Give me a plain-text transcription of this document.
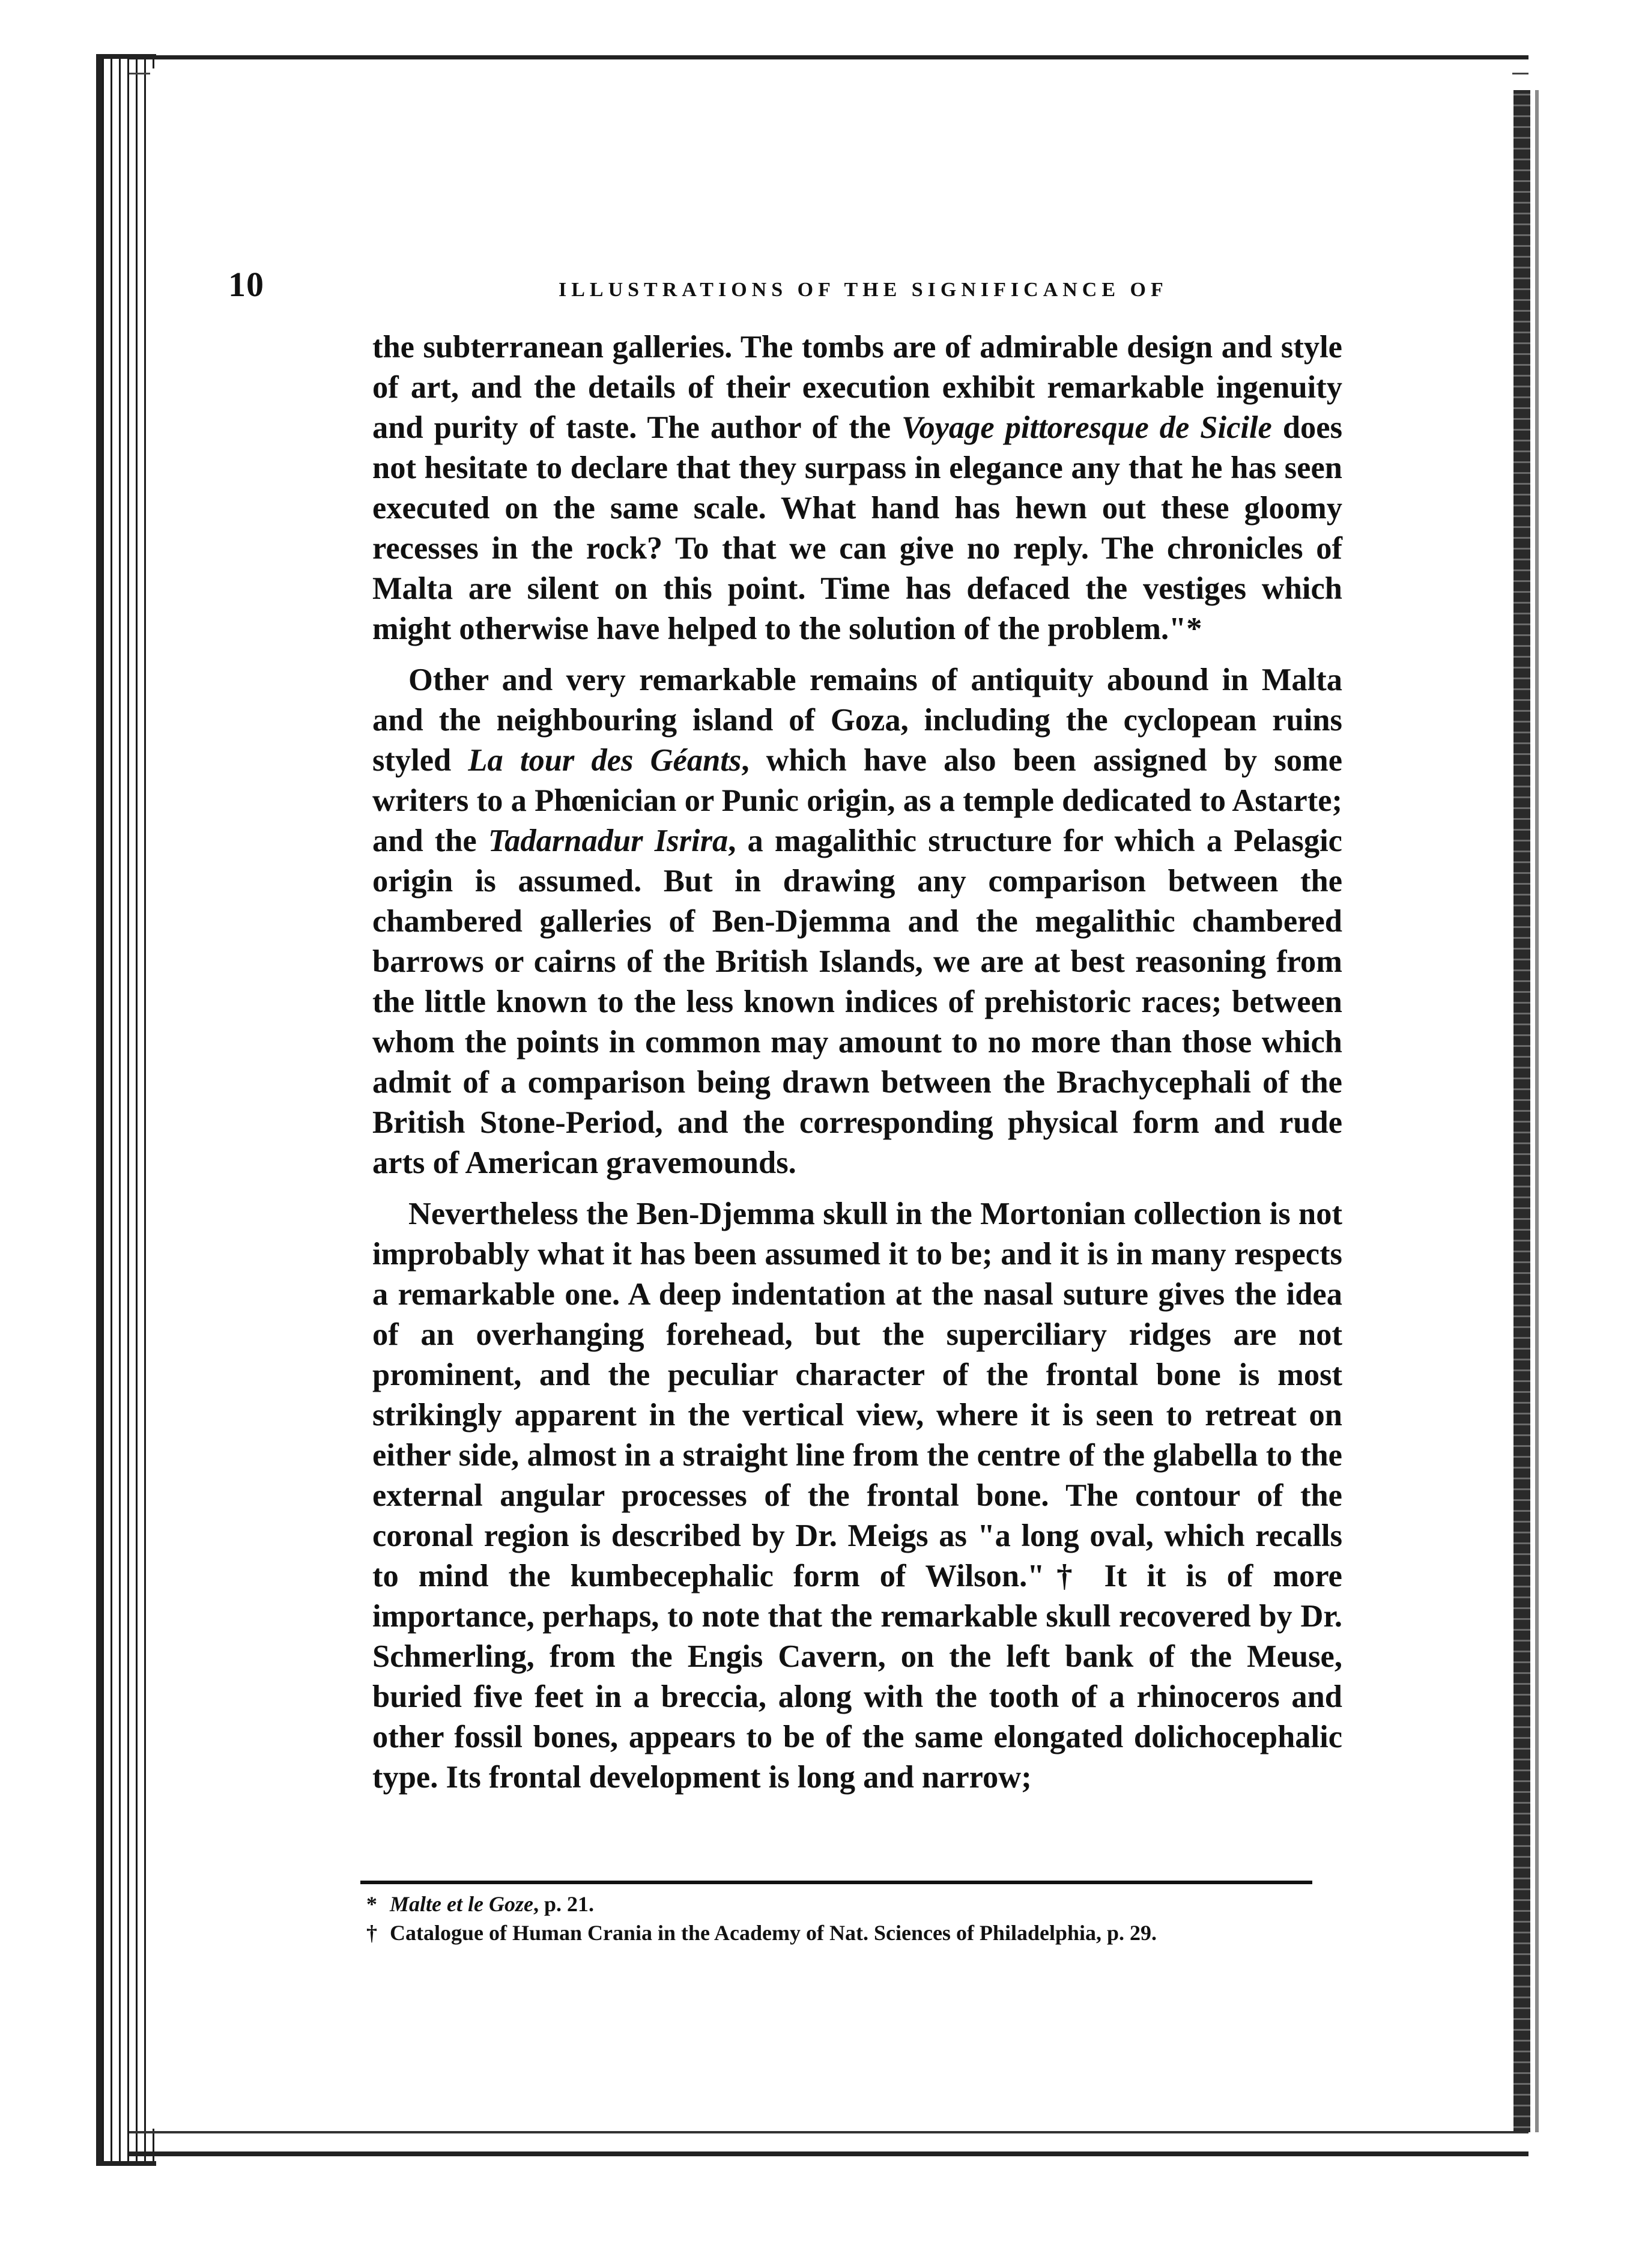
10	ILLUSTRATIONS OF THE SIGNIFICANCE OF

the subterranean galleries. The tombs are of admirable design and style of art, and the details of their execution exhibit remarkable ingenuity and purity of taste. The author of the Voyage pittoresque de Sicile does not hesitate to declare that they surpass in elegance any that he has seen executed on the same scale. What hand has hewn out these gloomy recesses in the rock? To that we can give no reply. The chronicles of Malta are silent on this point. Time has defaced the vestiges which might otherwise have helped to the solution of the problem."*

Other and very remarkable remains of antiquity abound in Malta and the neighbouring island of Goza, including the cyclopean ruins styled La tour des Géants, which have also been assigned by some writers to a Phœnician or Punic origin, as a temple dedicated to Astarte; and the Tadarnadur Isrira, a magalithic structure for which a Pelasgic origin is assumed. But in drawing any comparison between the chambered galleries of Ben-Djemma and the megalithic chambered barrows or cairns of the British Islands, we are at best reasoning from the little known to the less known indices of prehistoric races; between whom the points in common may amount to no more than those which admit of a comparison being drawn between the Brachycephali of the British Stone-Period, and the corresponding physical form and rude arts of American gravemounds.

Nevertheless the Ben-Djemma skull in the Mortonian collection is not improbably what it has been assumed it to be; and it is in many respects a remarkable one. A deep indentation at the nasal suture gives the idea of an overhanging forehead, but the superciliary ridges are not prominent, and the peculiar character of the frontal bone is most strikingly apparent in the vertical view, where it is seen to retreat on either side, almost in a straight line from the centre of the glabella to the external angular processes of the frontal bone. The contour of the coronal region is described by Dr. Meigs as "a long oval, which recalls to mind the kumbecephalic form of Wilson."† It it is of more importance, perhaps, to note that the remarkable skull recovered by Dr. Schmerling, from the Engis Cavern, on the left bank of the Meuse, buried five feet in a breccia, along with the tooth of a rhinoceros and other fossil bones, appears to be of the same elongated dolichocephalic type. Its frontal development is long and narrow;

* Malte et le Goze, p. 21.
† Catalogue of Human Crania in the Academy of Nat. Sciences of Philadelphia, p. 29.
